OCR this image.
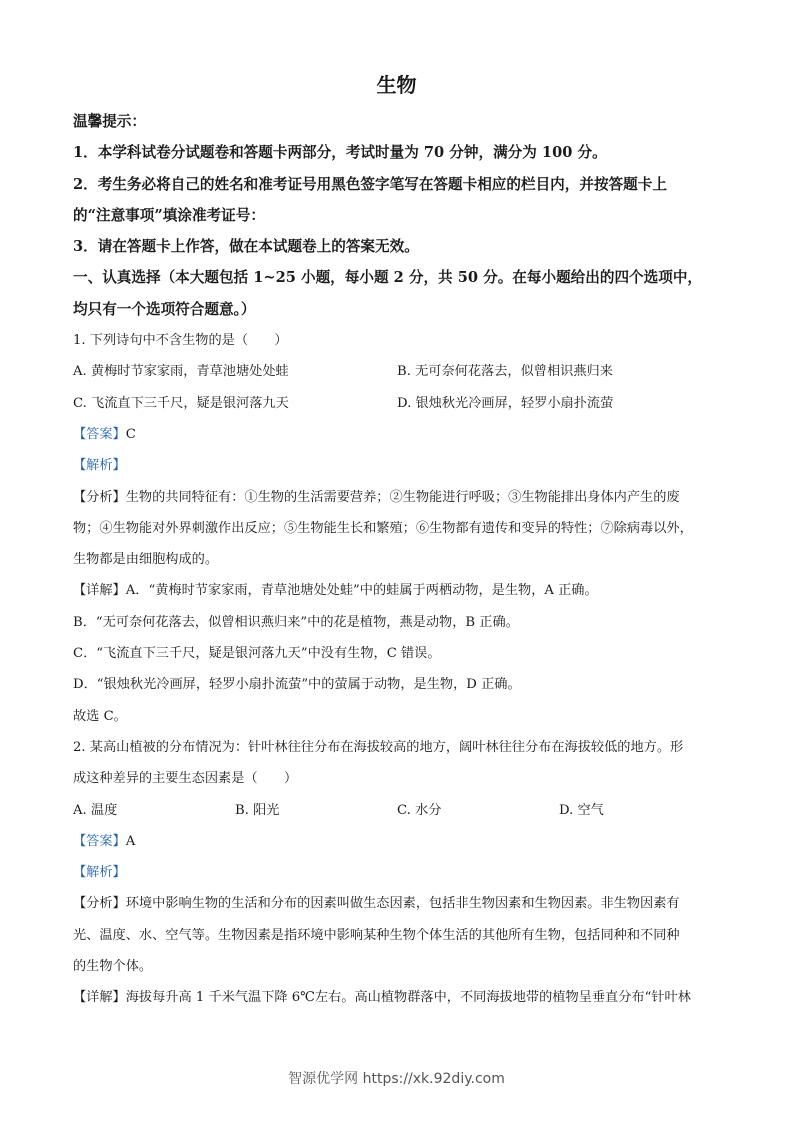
生物
温馨提示：
1．本学科试卷分试题卷和答题卡两部分，考试时量为 70 分钟，满分为 100 分。
2．考生务必将自己的姓名和准考证号用黑色签字笔写在答题卡相应的栏目内，并按答题卡上
的“注意事项”填涂准考证号：
3．请在答题卡上作答，做在本试题卷上的答案无效。
一、认真选择（本大题包括 1~25 小题，每小题 2 分，共 50 分。在每小题给出的四个选项中，
均只有一个选项符合题意。）
1. 下列诗句中不含生物的是（　　）
A. 黄梅时节家家雨，青草池塘处处蛙	B. 无可奈何花落去，似曾相识燕归来
C. 飞流直下三千尺，疑是银河落九天	D. 银烛秋光冷画屏，轻罗小扇扑流萤
【答案】C
【解析】
【分析】生物的共同特征有：①生物的生活需要营养；②生物能进行呼吸；③生物能排出身体内产生的废
物；④生物能对外界刺激作出反应；⑤生物能生长和繁殖；⑥生物都有遗传和变异的特性；⑦除病毒以外，
生物都是由细胞构成的。
【详解】A．“黄梅时节家家雨，青草池塘处处蛙”中的蛙属于两栖动物，是生物，A 正确。
B．“无可奈何花落去，似曾相识燕归来”中的花是植物，燕是动物，B 正确。
C．“飞流直下三千尺，疑是银河落九天”中没有生物，C 错误。
D．“银烛秋光冷画屏，轻罗小扇扑流萤”中的萤属于动物，是生物，D 正确。
故选 C。
2. 某高山植被的分布情况为：针叶林往往分布在海拔较高的地方，阔叶林往往分布在海拔较低的地方。形
成这种差异的主要生态因素是（　　）
A. 温度	B. 阳光	C. 水分	D. 空气
【答案】A
【解析】
【分析】环境中影响生物的生活和分布的因素叫做生态因素，包括非生物因素和生物因素。非生物因素有
光、温度、水、空气等。生物因素是指环境中影响某种生物个体生活的其他所有生物，包括同种和不同种
的生物个体。
【详解】海拔每升高 1 千米气温下降 6℃左右。高山植物群落中，不同海拔地带的植物呈垂直分布“针叶林
智源优学网 https://xk.92diy.com
